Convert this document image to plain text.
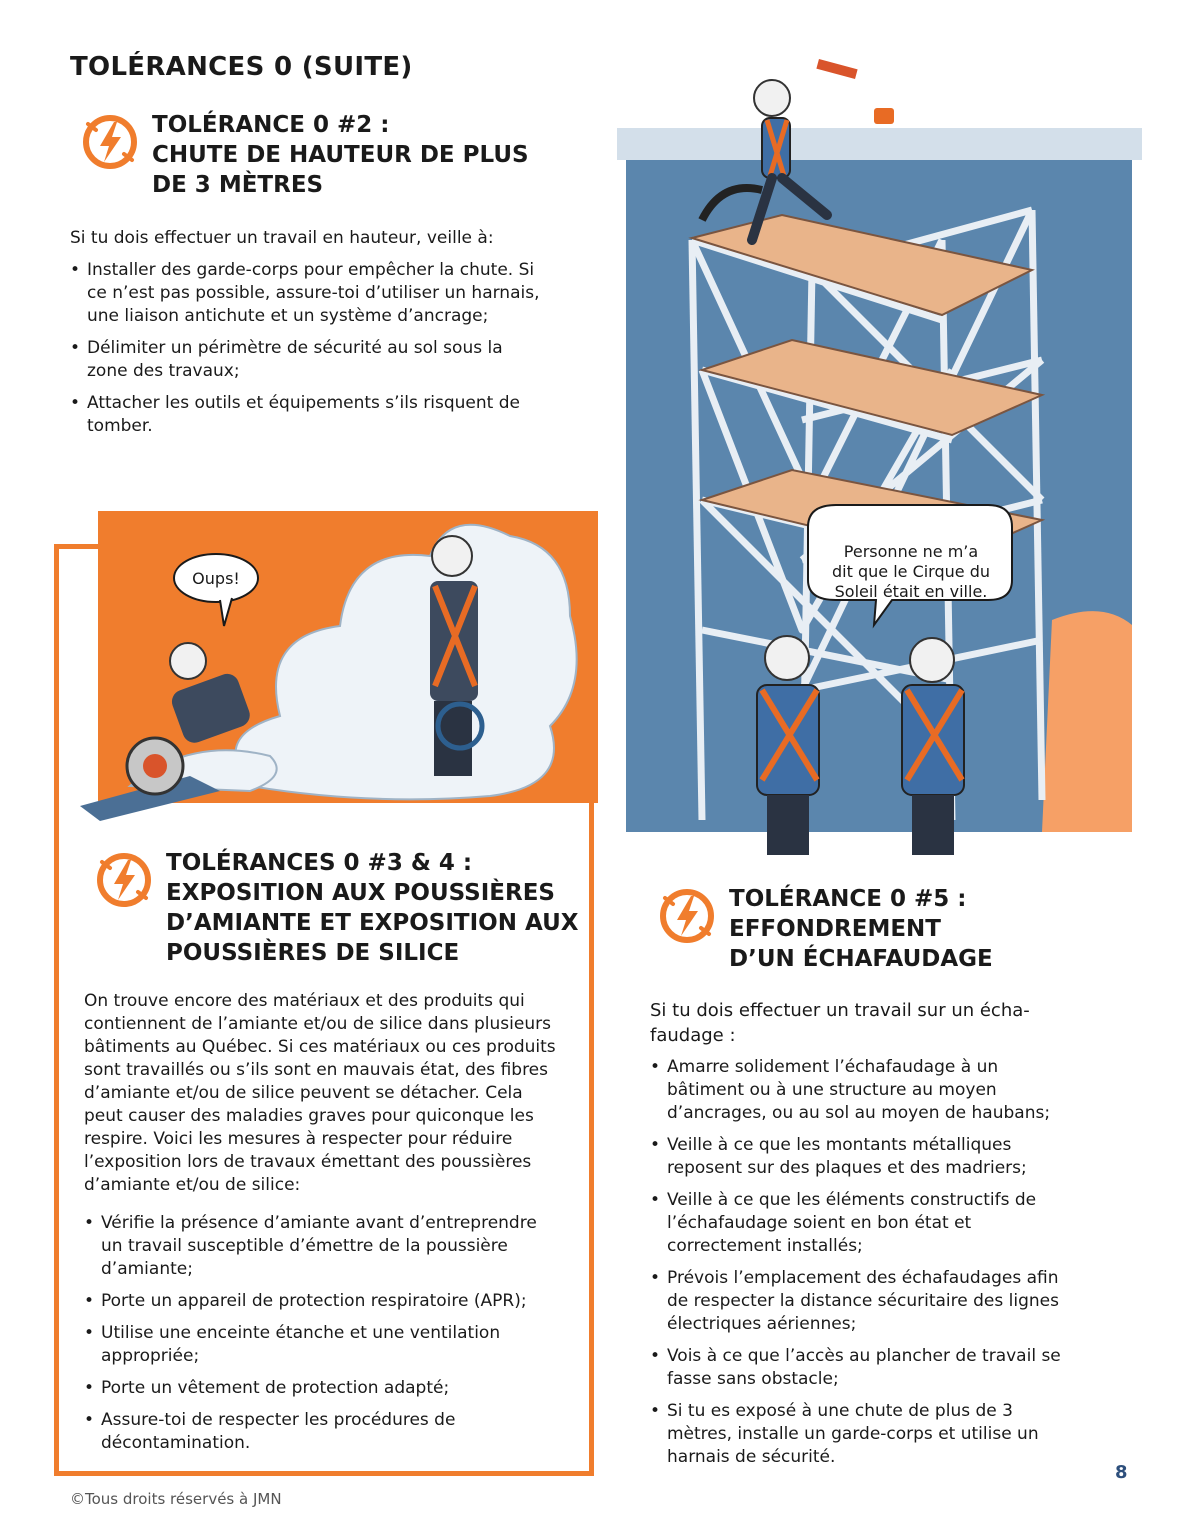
TOLÉRANCES 0 (SUITE)
TOLÉRANCE 0 #2 :
CHUTE DE HAUTEUR DE PLUS
DE 3 MÈTRES

Si tu dois effectuer un travail en hauteur, veille à:

• Installer des garde-corps pour empêcher la chute. Si ce n’est pas possible, assure-toi d’utiliser un harnais, une liaison antichute et un système d’ancrage;
• Délimiter un périmètre de sécurité au sol sous la zone des travaux;
• Attacher les outils et équipements s’ils risquent de tomber.
Personne ne m’a
dit que le Cirque du
Soleil était en ville.
Oups!
TOLÉRANCES 0 #3 & 4 :
EXPOSITION AUX POUSSIÈRES
D’AMIANTE ET EXPOSITION AUX
POUSSIÈRES DE SILICE

On trouve encore des matériaux et des produits qui contiennent de l’amiante et/ou de silice dans plusieurs bâtiments au Québec. Si ces matériaux ou ces produits sont travaillés ou s’ils sont en mauvais état, des fibres d’amiante et/ou de silice peuvent se détacher. Cela peut causer des maladies graves pour quiconque les respire. Voici les mesures à respecter pour réduire l’exposition lors de travaux émettant des poussières d’amiante et/ou de silice:

• Vérifie la présence d’amiante avant d’entreprendre un travail susceptible d’émettre de la poussière d’amiante;
• Porte un appareil de protection respiratoire (APR);
• Utilise une enceinte étanche et une ventilation appropriée;
• Porte un vêtement de protection adapté;
• Assure-toi de respecter les procédures de décontamination.
TOLÉRANCE 0 #5 :
EFFONDREMENT
D’UN ÉCHAFAUDAGE

Si tu dois effectuer un travail sur un écha-faudage :

• Amarre solidement l’échafaudage à un bâtiment ou à une structure au moyen d’ancrages, ou au sol au moyen de haubans;
• Veille à ce que les montants métalliques reposent sur des plaques et des madriers;
• Veille à ce que les éléments constructifs de l’échafaudage soient en bon état et correctement installés;
• Prévois l’emplacement des échafaudages afin de respecter la distance sécuritaire des lignes électriques aériennes;
• Vois à ce que l’accès au plancher de travail se fasse sans obstacle;
• Si tu es exposé à une chute de plus de 3 mètres, installe un garde-corps et utilise un harnais de sécurité.
©Tous droits réservés à JMN
8
